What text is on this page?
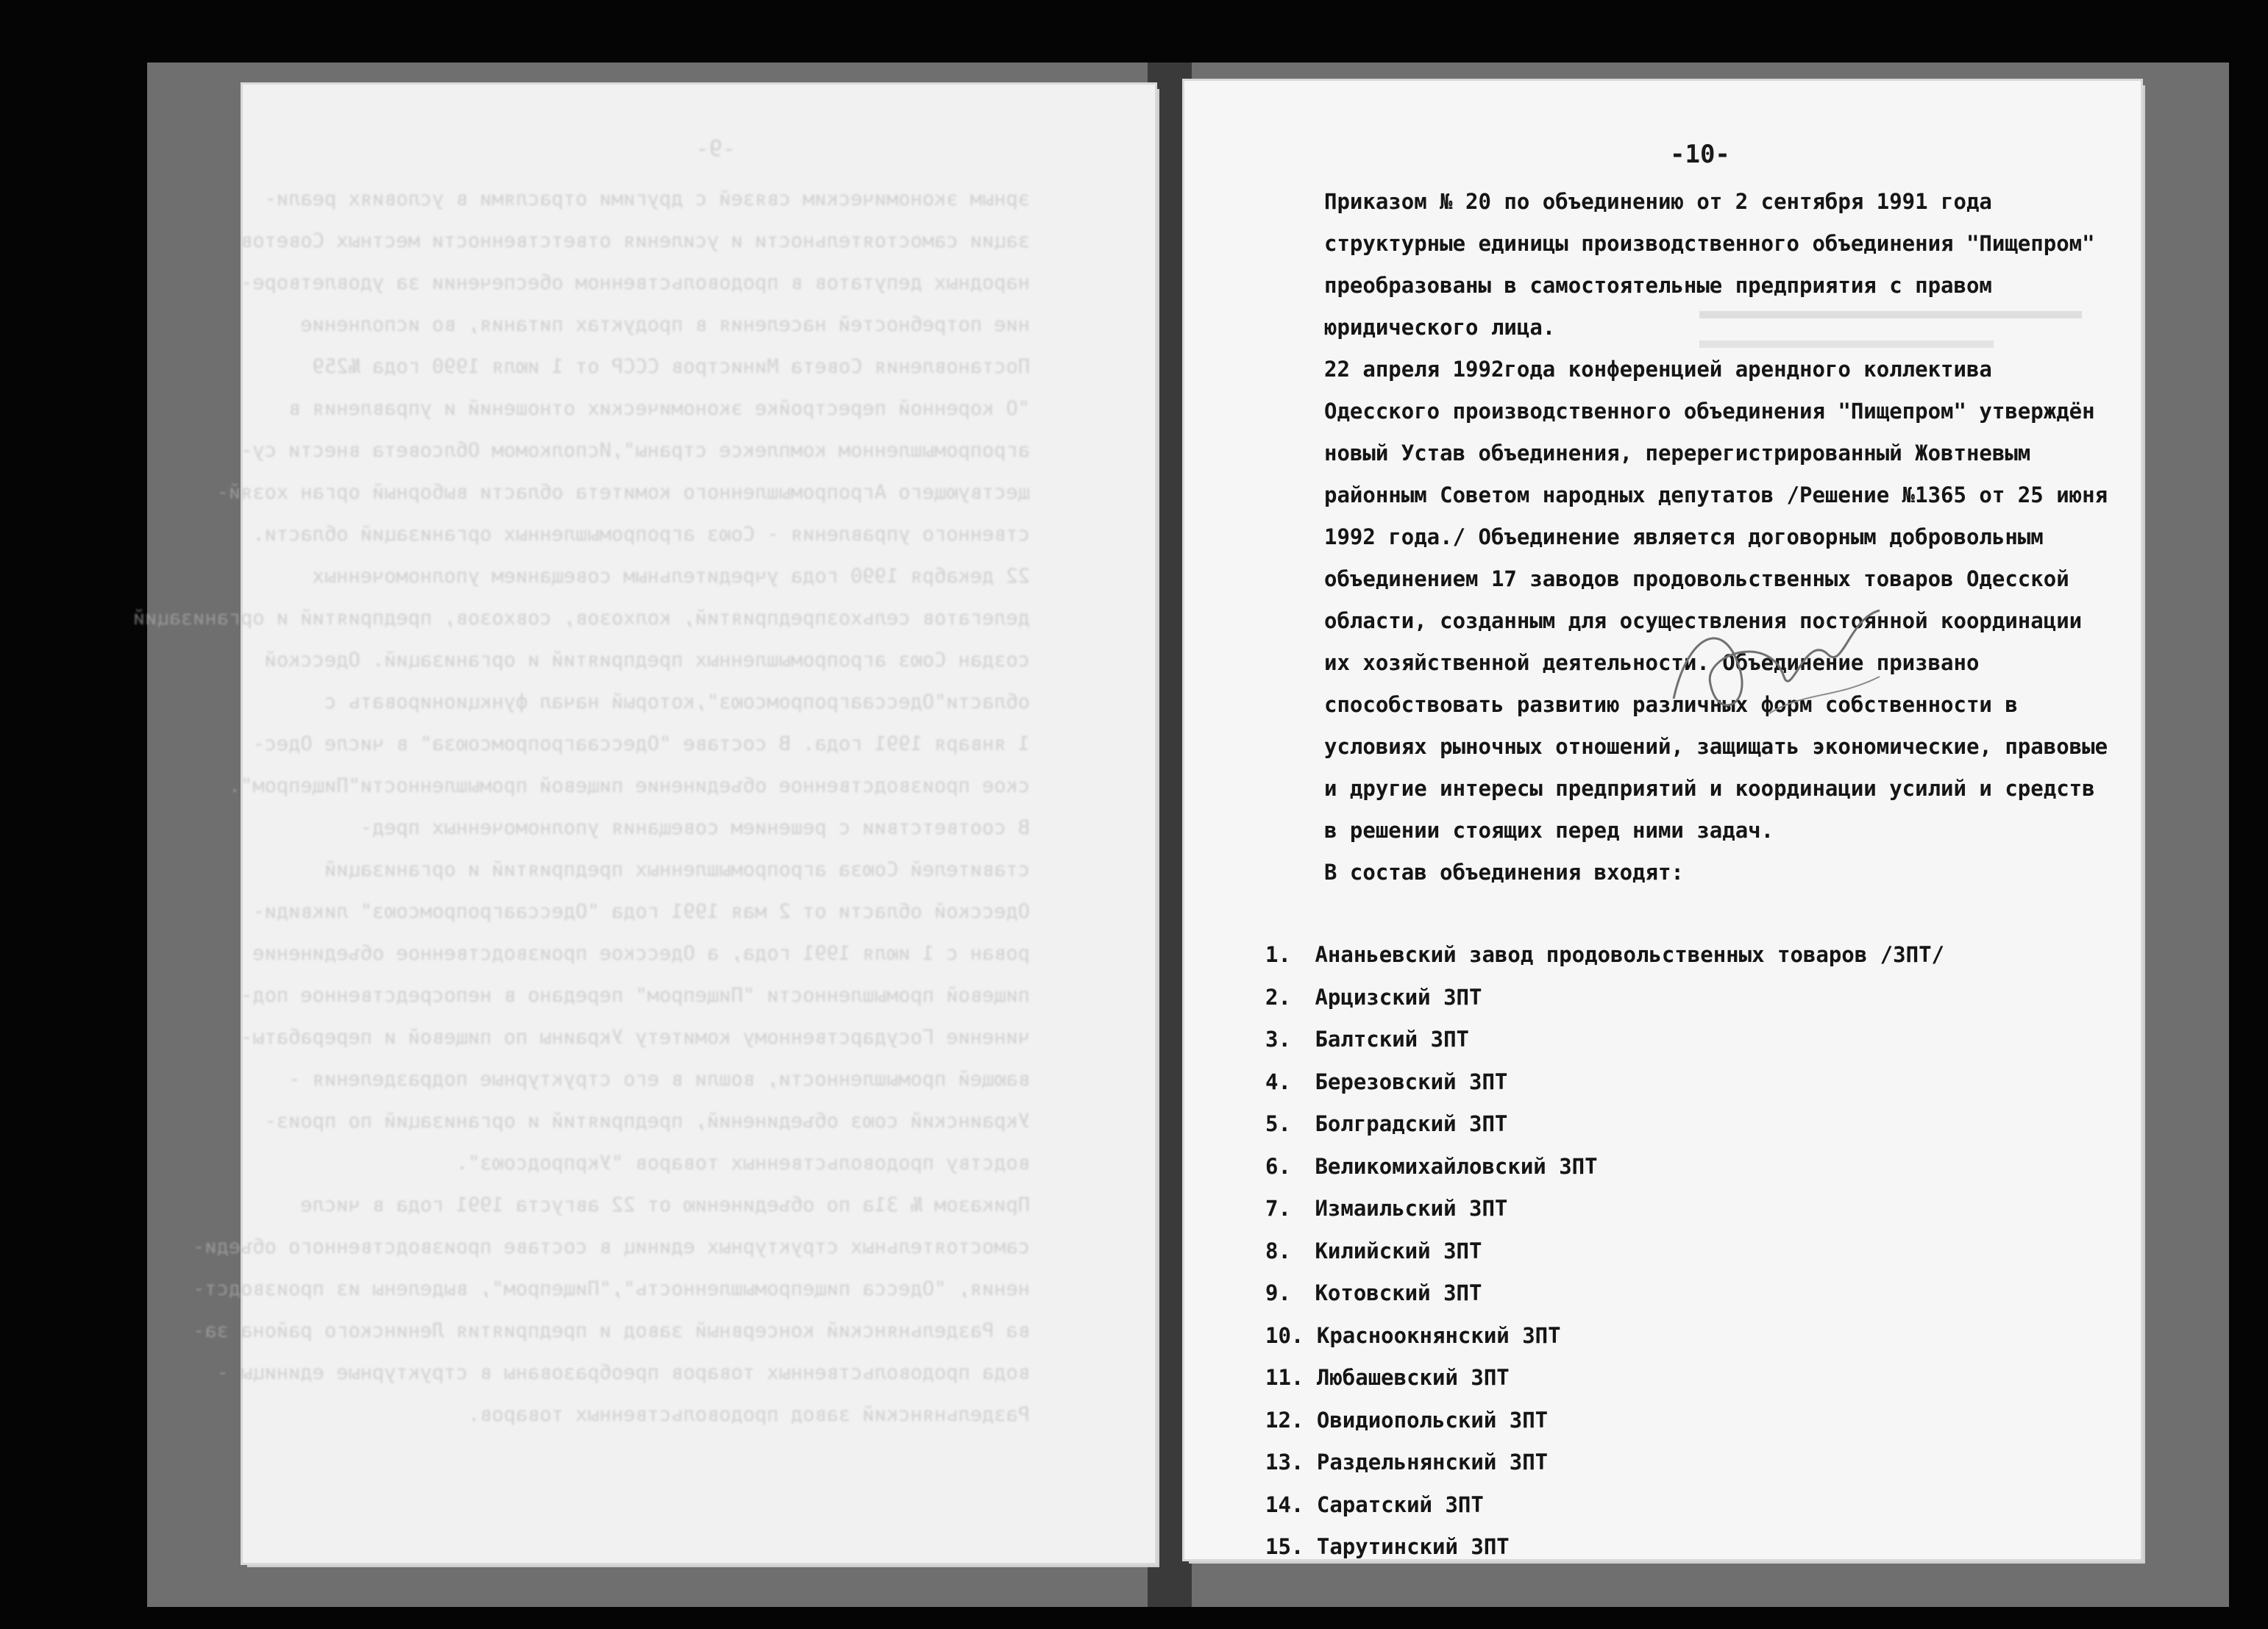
-9-
эрным экономическим связей с другими отраслями в условиях реали-
зации самостоятельности и усиления ответственности местных Советов
народных депутатов в продовольственном обеспечении за удовлетворе-
ние потребностей населения в продуктах питания, во исполнение
Постановления Совета Министров СССР от 1 июля 1990 года №259
"О коренной перестройке экономических отношений и управления в
агропромышленном комплексе страны",Исполкомом Облсовета внести су-
ществующего Агропромышленного комитета области выборный орган хозяй-
ственного управления - Союз агропромышленных организаций области.
22 декабря 1990 года учредительным совещанием уполномоченных
делегатов сельхозпредприятий, колхозов, совхозов, предприятий и организаций
создан Союз агропромышленных предприятий и организаций. Одесской
области"Одессаагропромсоюз",который начал функционировать с
1 января 1991 года. В составе "Одессаагропромсоюза" в числе Одес-
ское производственное объединение пищевой промышленности"Пищепром".
В соответствии с решением совещания уполномоченных пред-
ставителей Союза агропромышленных предприятий и организаций
Одесской области от 2 мая 1991 года "Одессаагропромсоюз" ликвиди-
рован с 1 июля 1991 года, а Одесское производственное объединение
пищевой промышленности "Пищепром" передано в непосредственное под-
чинение Государственному комитету Украины по пищевой и перерабаты-
вающей промышленности, вошли в его структурные подразделения -
Украинский союз объединений, предприятий и организаций по произ-
водству продовольственных товаров "Укрпродсоюз".
Приказом № 31а по объединению от 22 августа 1991 года в числе
самостоятельных структурных единиц в составе производственного объеди-
нения, "Одесса пищепромышленность","Пищепром", выделены из производст-
ва Раздельнянский консервный завод и предприятия Ленинского района за-
вода продовольственных товаров преобразованы в структурные единицы -
Раздельнянский завод продовольственных товаров.
-10-

Приказом № 20 по объединению от 2 сентября 1991 года структурные единицы производственного объединения "Пищепром" преобразованы в самостоятельные предприятия с правом юридического лица.

22 апреля 1992года конференцией арендного коллектива Одесского производственного объединения "Пищепром" утверждён новый Устав объединения, перерегистрированный Жовтневым районным Советом народных депутатов /Решение №1365 от 25 июня 1992 года./ Объединение является договорным добровольным объединением 17 заводов продовольственных товаров Одесской области, созданным для осуществления постоянной координации их хозяйственной деятельности. Объединение призвано способствовать развитию различных форм собственности в условиях рыночных отношений, защищать экономические, правовые и другие интересы предприятий и координации усилий и средств в решении стоящих перед ними задач.

В состав объединения входят:

1. Ананьевский завод продовольственных товаров /ЗПТ/
2. Арцизский ЗПТ
3. Балтский ЗПТ
4. Березовский ЗПТ
5. Болградский ЗПТ
6. Великомихайловский ЗПТ
7. Измаильский ЗПТ
8. Килийский ЗПТ
9. Котовский ЗПТ
10. Красноокнянский ЗПТ
11. Любашевский ЗПТ
12. Овидиопольский ЗПТ
13. Раздельнянский ЗПТ
14. Саратский ЗПТ
15. Тарутинский ЗПТ
